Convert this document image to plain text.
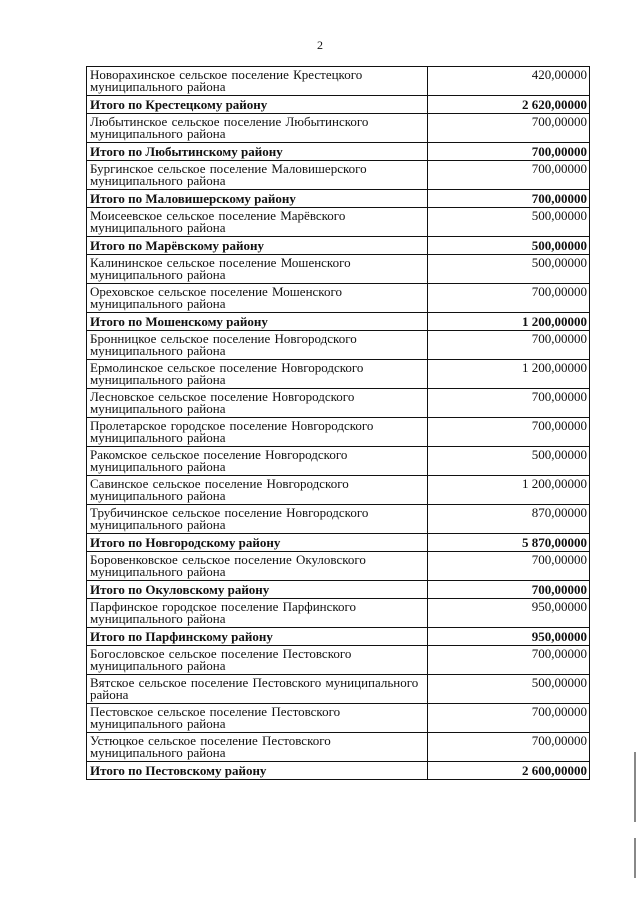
2
Новорахинское сельское поселение Крестецкого муниципального района	420,00000
Итого по Крестецкому району	2 620,00000
Любытинское сельское поселение Любытинского муниципального района	700,00000
Итого по Любытинскому району	700,00000
Бургинское сельское поселение Маловишерского муниципального района	700,00000
Итого по Маловишерскому району	700,00000
Моисеевское сельское поселение Марёвского муниципального района	500,00000
Итого по Марёвскому району	500,00000
Калининское сельское поселение Мошенского муниципального района	500,00000
Ореховское сельское поселение Мошенского муниципального района	700,00000
Итого по Мошенскому району	1 200,00000
Бронницкое сельское поселение Новгородского муниципального района	700,00000
Ермолинское сельское поселение Новгородского муниципального района	1 200,00000
Лесновское сельское поселение Новгородского муниципального района	700,00000
Пролетарское городское поселение Новгородского муниципального района	700,00000
Ракомское сельское поселение Новгородского муниципального района	500,00000
Савинское сельское поселение Новгородского муниципального района	1 200,00000
Трубичинское сельское поселение Новгородского муниципального района	870,00000
Итого по Новгородскому району	5 870,00000
Боровенковское сельское поселение Окуловского муниципального района	700,00000
Итого по Окуловскому району	700,00000
Парфинское городское поселение Парфинского муниципального района	950,00000
Итого по Парфинскому району	950,00000
Богословское сельское поселение Пестовского муниципального района	700,00000
Вятское сельское поселение Пестовского муниципального района	500,00000
Пестовское сельское поселение Пестовского муниципального района	700,00000
Устюцкое сельское поселение Пестовского муниципального района	700,00000
Итого по Пестовскому району	2 600,00000
